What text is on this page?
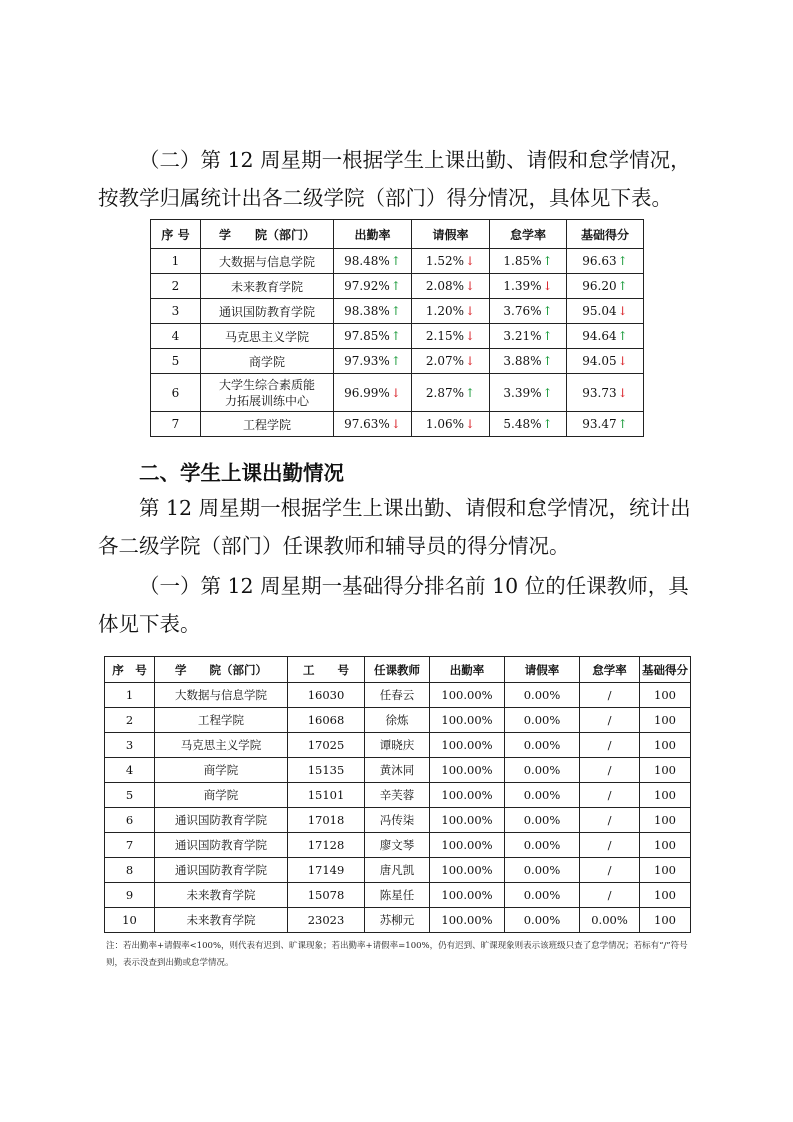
（二）第 12 周星期一根据学生上课出勤、请假和怠学情况，按教学归属统计出各二级学院（部门）得分情况，具体见下表。

序 号	学　　院（部门）	出勤率	请假率	怠学率	基础得分
1	大数据与信息学院	98.48%↑	1.52%↓	1.85%↑	96.63↑
2	未来教育学院	97.92%↑	2.08%↓	1.39%↓	96.20↑
3	通识国防教育学院	98.38%↑	1.20%↓	3.76%↑	95.04↓
4	马克思主义学院	97.85%↑	2.15%↓	3.21%↑	94.64↑
5	商学院	97.93%↑	2.07%↓	3.88%↑	94.05↓
6	大学生综合素质能力拓展训练中心	96.99%↓	2.87%↑	3.39%↑	93.73↓
7	工程学院	97.63%↓	1.06%↓	5.48%↑	93.47↑

二、学生上课出勤情况

第 12 周星期一根据学生上课出勤、请假和怠学情况，统计出各二级学院（部门）任课教师和辅导员的得分情况。

（一）第 12 周星期一基础得分排名前 10 位的任课教师，具体见下表。

序　号	学　　院（部门）	工　　号	任课教师	出勤率	请假率	怠学率	基础得分
1	大数据与信息学院	16030	任春云	100.00%	0.00%	/	100
2	工程学院	16068	徐炼	100.00%	0.00%	/	100
3	马克思主义学院	17025	谭晓庆	100.00%	0.00%	/	100
4	商学院	15135	黄沐同	100.00%	0.00%	/	100
5	商学院	15101	辛芙蓉	100.00%	0.00%	/	100
6	通识国防教育学院	17018	冯传柒	100.00%	0.00%	/	100
7	通识国防教育学院	17128	廖文琴	100.00%	0.00%	/	100
8	通识国防教育学院	17149	唐凡凯	100.00%	0.00%	/	100
9	未来教育学院	15078	陈星任	100.00%	0.00%	/	100
10	未来教育学院	23023	苏柳元	100.00%	0.00%	0.00%	100

注：若出勤率+请假率<100%，则代表有迟到、旷课现象；若出勤率+请假率=100%，仍有迟到、旷课现象则表示该班级只查了怠学情况；若标有“/”符号则，表示没查到出勤或怠学情况。
